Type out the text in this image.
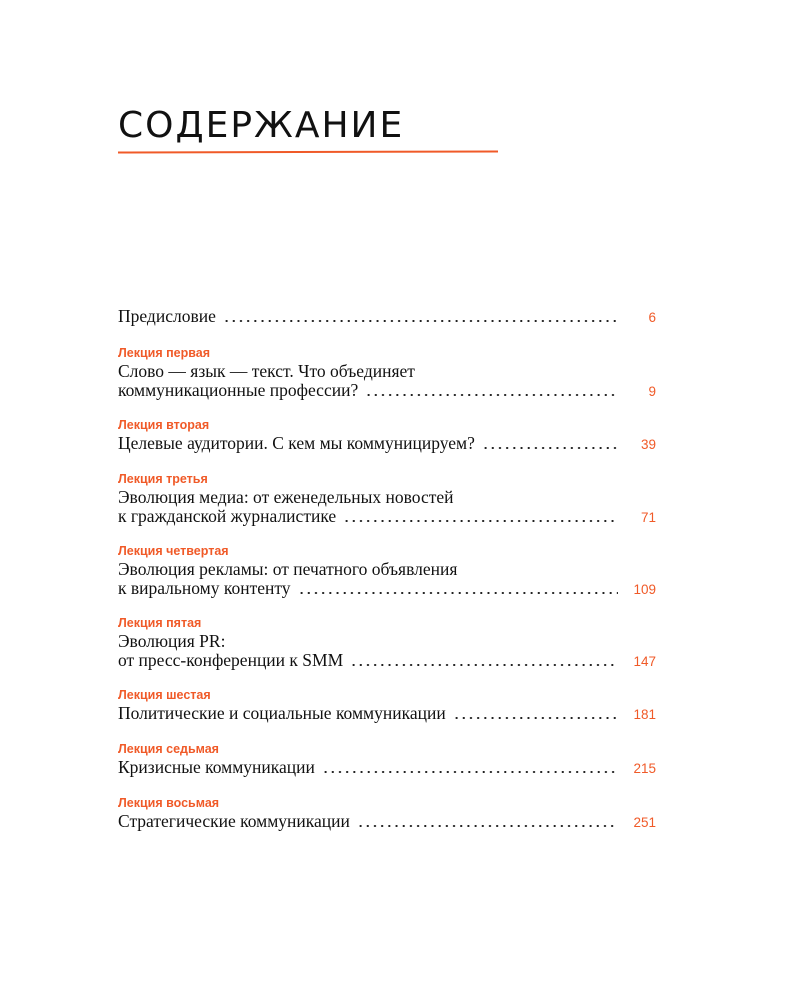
СОДЕРЖАНИЕ
Предисловие	6
Лекция первая
Слово — язык — текст. Что объединяет
коммуникационные профессии?	9
Лекция вторая
Целевые аудитории. С кем мы коммуницируем?	39
Лекция третья
Эволюция медиа: от еженедельных новостей
к гражданской журналистике	71
Лекция четвертая
Эволюция рекламы: от печатного объявления
к виральному контенту	109
Лекция пятая
Эволюция PR:
от пресс-конференции к SMM	147
Лекция шестая
Политические и социальные коммуникации	181
Лекция седьмая
Кризисные коммуникации	215
Лекция восьмая
Стратегические коммуникации	251
